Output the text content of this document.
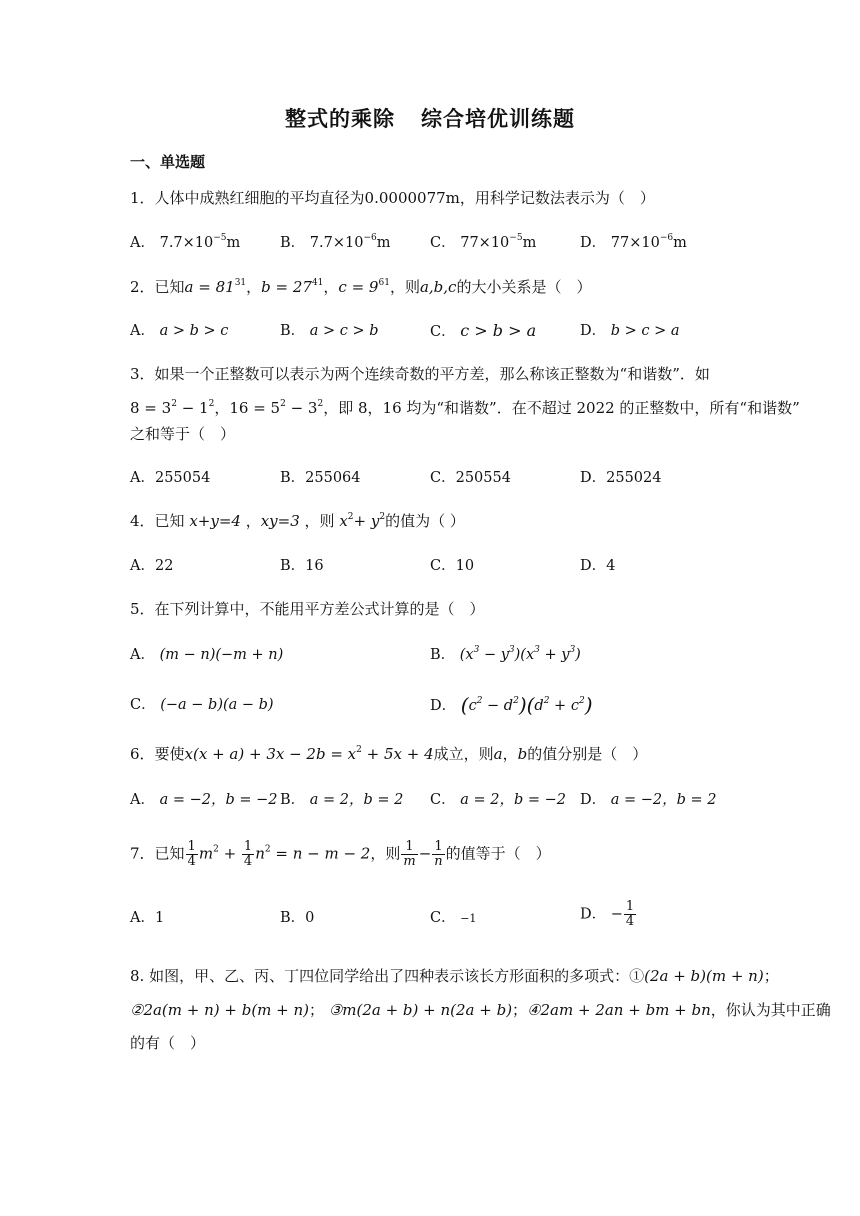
整式的乘除 综合培优训练题
一、单选题
1．人体中成熟红细胞的平均直径为0.0000077m，用科学记数法表示为（　）
A． $7.7\times 10^{-5}m$	B． $7.7\times 10^{-6}m$	C． $77\times 10^{-5}m$	D． $77\times 10^{-6}m$
2．已知$a = 81^{31}$，$b = 27^{41}$，$c = 9^{61}$，则a,b,c的大小关系是（　）
A． a > b > c	B． a > c > b	C． c > b > a	D． b > c > a
3．如果一个正整数可以表示为两个连续奇数的平方差，那么称该正整数为“和谐数”．如
$8 = 3^2 - 1^2$，$16 = 5^2 - 3^2$，即 8，16 均为“和谐数”．在不超过 2022 的正整数中，所有“和谐数”
之和等于（　）
A．255054	B．255064	C．250554	D．255024
4．已知 x+y=4 ，xy=3 ，则 $x^2+ y^2$的值为（ ）
A．22	B．16	C．10	D．4
5．在下列计算中，不能用平方差公式计算的是（　）
A． (m − n)(−m + n)	B． $(x^3 - y^3)(x^3 + y^3)$
C． (−a − b)(a − b)	D． $(c^2 - d^2)(d^2 + c^2)$
6．要使$x(x + a) + 3x - 2b = x^2 + 5x + 4$成立，则a，b的值分别是（　）
A． a = −2，b = −2 B． a = 2，b = 2 C． a = 2，b = −2 D． a = −2，b = 2
7．已知 $\frac{1}{4} m^2 + \frac{1}{4} n^2 = n - m - 2$，则 $\frac{1}{m} - \frac{1}{n}$ 的值等于（　）
A．1	B．0	C． −1	D． − $\frac{1}{4}$
8. 如图，甲、乙、丙、丁四位同学给出了四种表示该长方形面积的多项式：①(2a + b)(m + n)；
②2a(m + n) + b(m + n)； ③m(2a + b) + n(2a + b)；④2am + 2an + bm + bn，你认为其中正确
的有（　）
